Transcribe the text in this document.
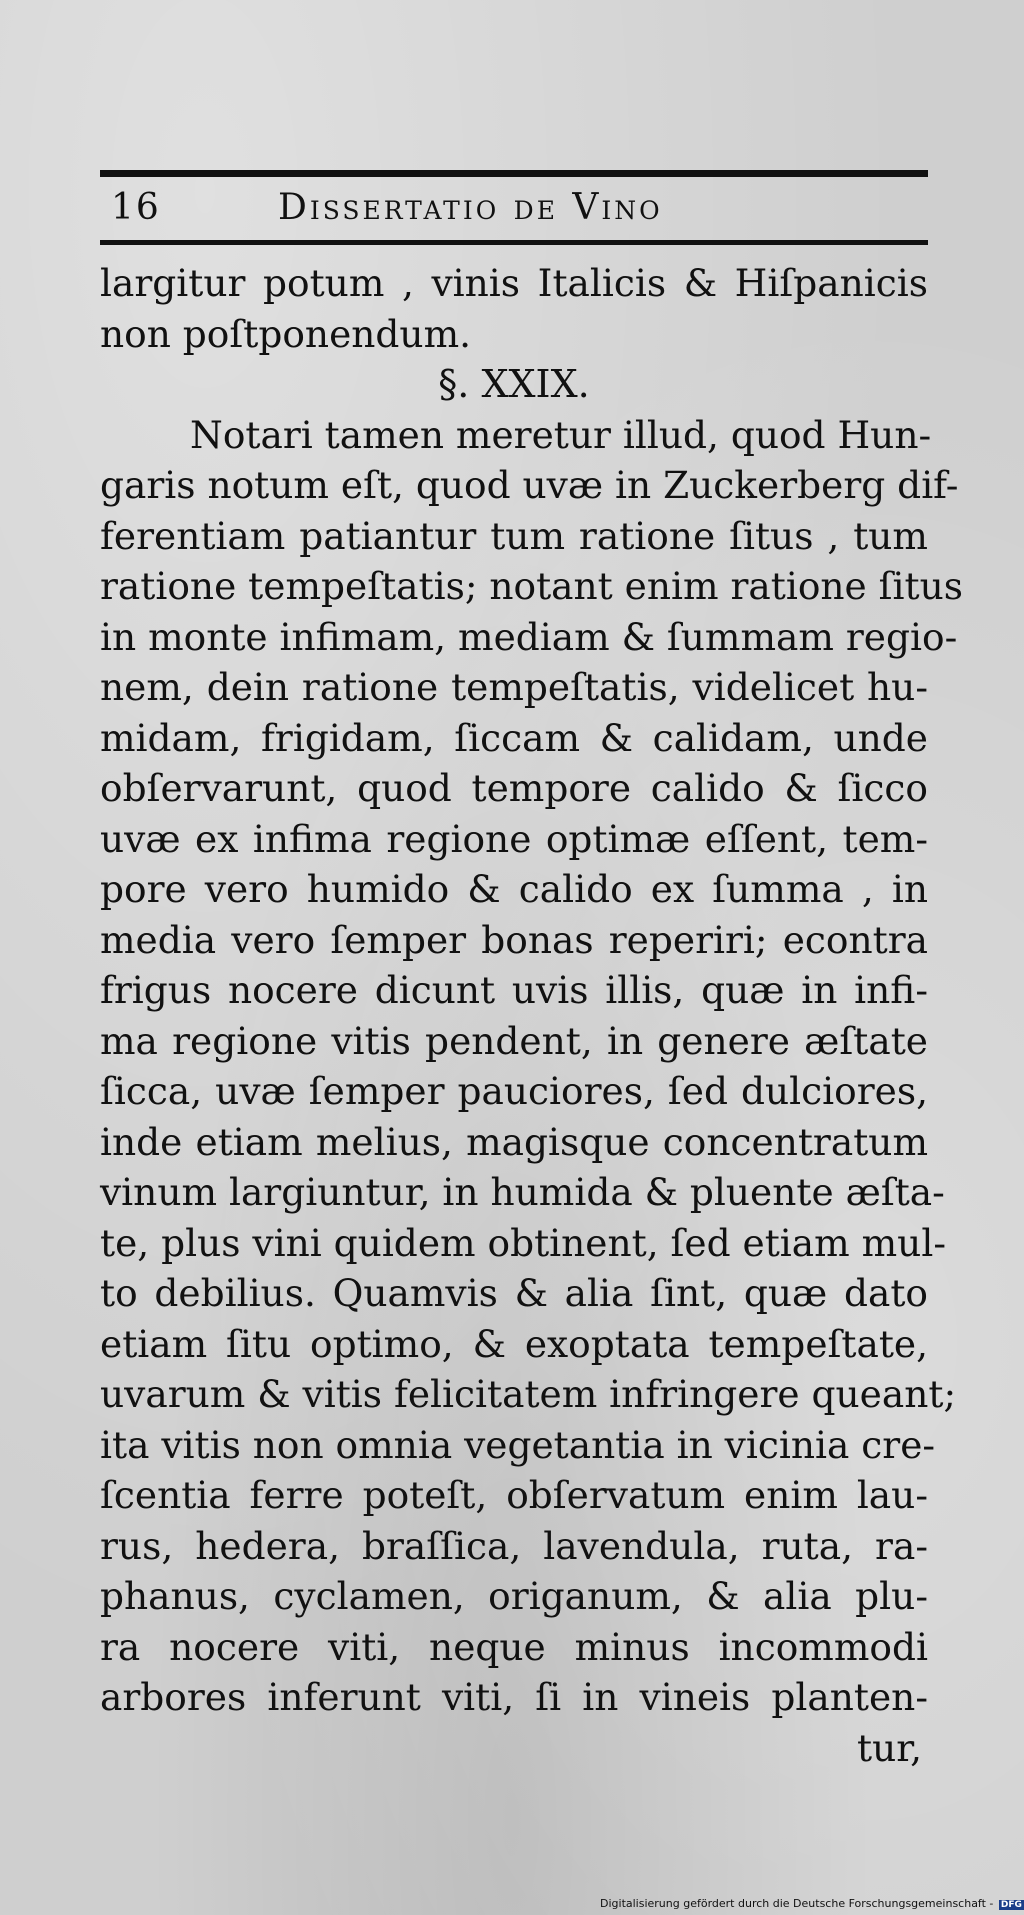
16	Dissertatio de Vino
largitur potum , vinis Italicis & Hiſpanicis
non poſtponendum.
§. XXIX.
Notari tamen meretur illud, quod Hun-
garis notum eſt, quod uvæ in Zuckerberg dif-
ferentiam patiantur tum ratione ſitus , tum
ratione tempeſtatis; notant enim ratione ſitus
in monte infimam, mediam & ſummam regio-
nem, dein ratione tempeſtatis, videlicet hu-
midam, frigidam, ſiccam & calidam, unde
obſervarunt, quod tempore calido & ſicco
uvæ ex infima regione optimæ eſſent, tem-
pore vero humido & calido ex ſumma , in
media vero ſemper bonas reperiri; econtra
frigus nocere dicunt uvis illis, quæ in infi-
ma regione vitis pendent, in genere æſtate
ſicca, uvæ ſemper pauciores, ſed dulciores,
inde etiam melius, magisque concentratum
vinum largiuntur, in humida & pluente æſta-
te, plus vini quidem obtinent, ſed etiam mul-
to debilius. Quamvis & alia ſint, quæ dato
etiam ſitu optimo, & exoptata tempeſtate,
uvarum & vitis felicitatem infringere queant;
ita vitis non omnia vegetantia in vicinia cre-
ſcentia ferre poteſt, obſervatum enim lau-
rus, hedera, braſſica, lavendula, ruta, ra-
phanus, cyclamen, origanum, & alia plu-
ra nocere viti, neque minus incommodi
arbores inferunt viti, ſi in vineis planten-
tur,
Digitalisierung gefördert durch die Deutsche Forschungsgemeinschaft - DFG
